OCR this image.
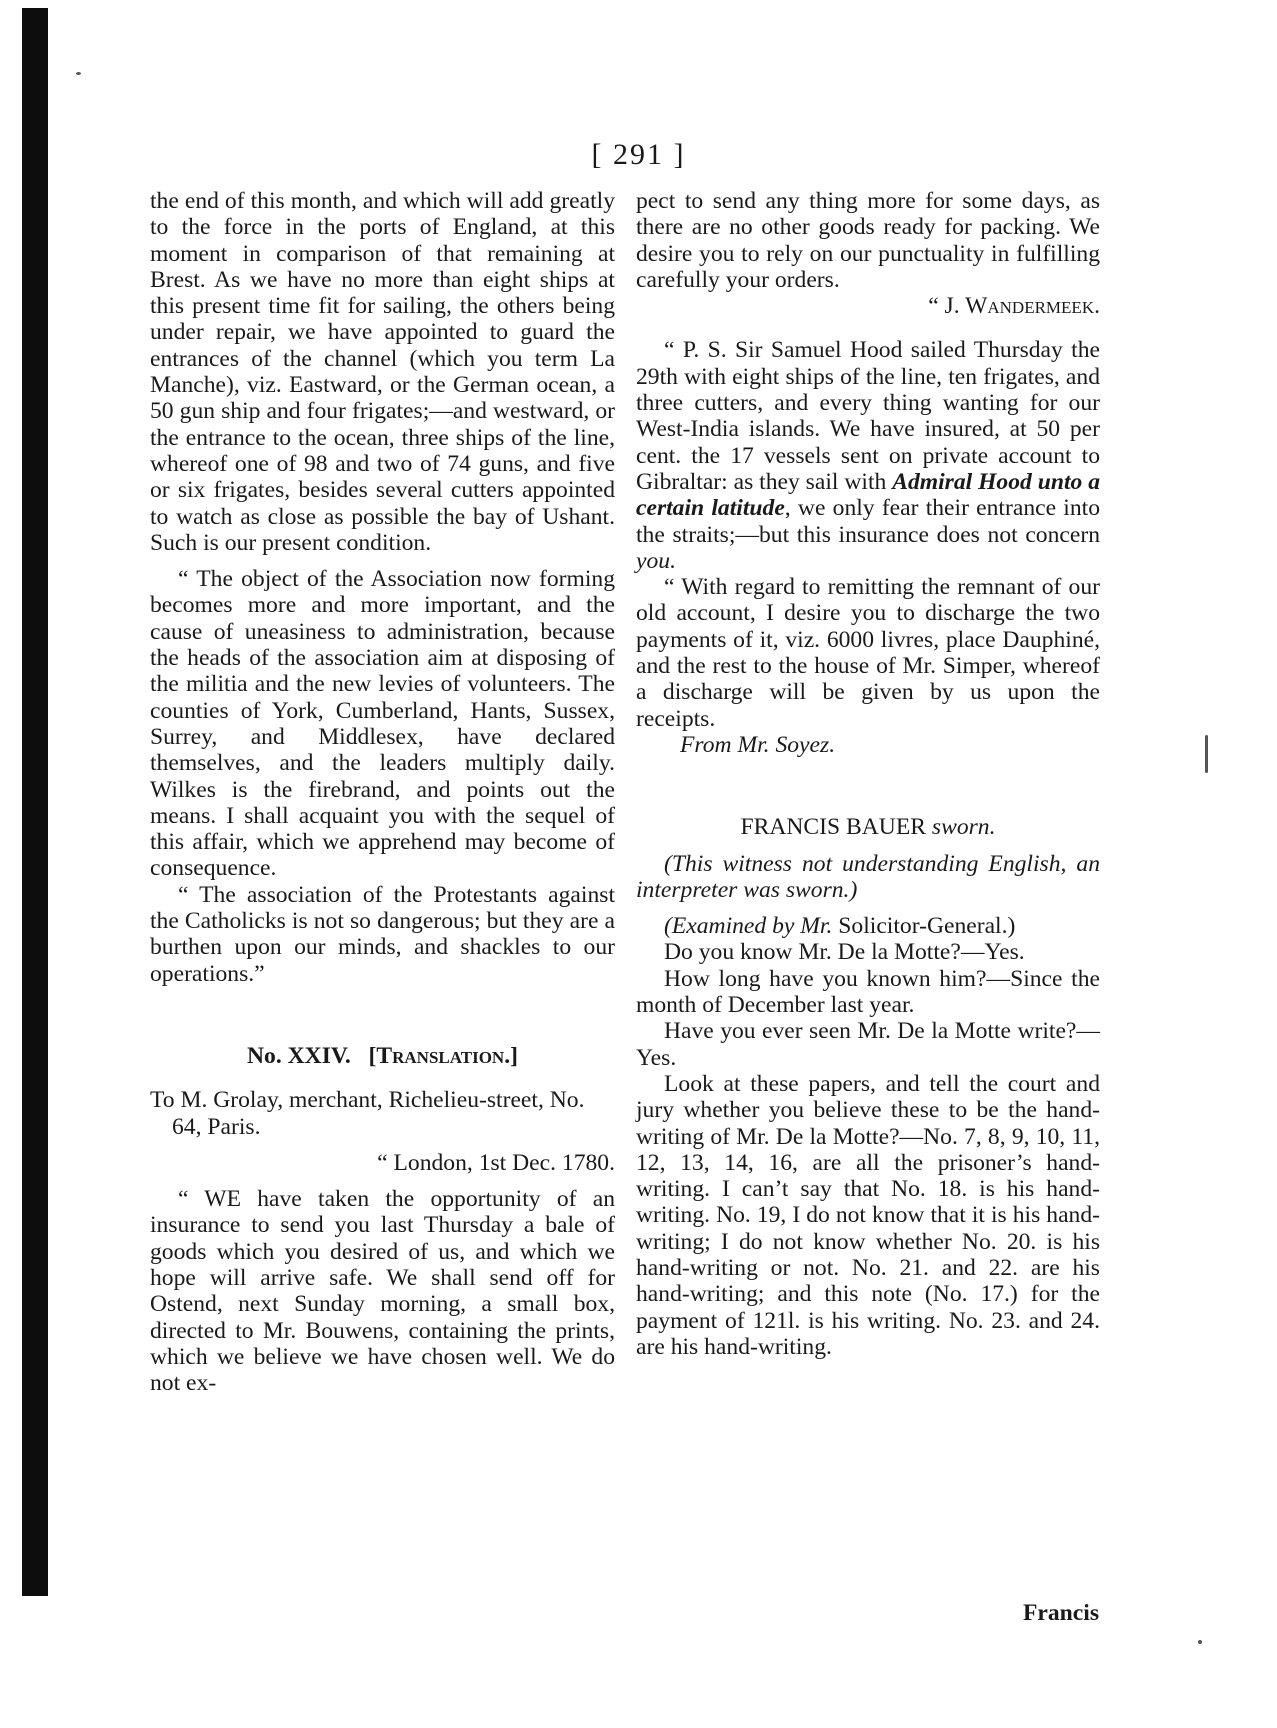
[ 291 ]

the end of this month, and which will add greatly to the force in the ports of England, at this moment in comparison of that remaining at Brest. As we have no more than eight ships at this present time fit for sailing, the others being under repair, we have appointed to guard the entrances of the channel (which you term La Manche), viz. Eastward, or the German ocean, a 50 gun ship and four frigates;—and westward, or the entrance to the ocean, three ships of the line, whereof one of 98 and two of 74 guns, and five or six frigates, besides several cutters appointed to watch as close as possible the bay of Ushant. Such is our present condition.

“ The object of the Association now forming becomes more and more important, and the cause of uneasiness to administration, because the heads of the association aim at disposing of the militia and the new levies of volunteers. The counties of York, Cumberland, Hants, Sussex, Surrey, and Middlesex, have declared themselves, and the leaders multiply daily. Wilkes is the firebrand, and points out the means. I shall acquaint you with the sequel of this affair, which we apprehend may become of consequence.

“ The association of the Protestants against the Catholicks is not so dangerous; but they are a burthen upon our minds, and shackles to our operations.”

No. XXIV. [Translation.]

To M. Grolay, merchant, Richelieu-street, No. 64, Paris.

“ London, 1st Dec. 1780.

“ WE have taken the opportunity of an insurance to send you last Thursday a bale of goods which you desired of us, and which we hope will arrive safe. We shall send off for Ostend, next Sunday morning, a small box, directed to Mr. Bouwens, containing the prints, which we believe we have chosen well. We do not ex-

pect to send any thing more for some days, as there are no other goods ready for packing. We desire you to rely on our punctuality in fulfilling carefully your orders.

“ J. Wandermeek.

“ P. S. Sir Samuel Hood sailed Thursday the 29th with eight ships of the line, ten frigates, and three cutters, and every thing wanting for our West-India islands. We have insured, at 50 per cent. the 17 vessels sent on private account to Gibraltar: as they sail with Admiral Hood unto a certain latitude, we only fear their entrance into the straits;—but this insurance does not concern you.

“ With regard to remitting the remnant of our old account, I desire you to discharge the two payments of it, viz. 6000 livres, place Dauphiné, and the rest to the house of Mr. Simper, whereof a discharge will be given by us upon the receipts.

From Mr. Soyez.

FRANCIS BAUER sworn.

(This witness not understanding English, an interpreter was sworn.)

(Examined by Mr. Solicitor-General.)

Do you know Mr. De la Motte?—Yes.

How long have you known him?—Since the month of December last year.

Have you ever seen Mr. De la Motte write?—Yes.

Look at these papers, and tell the court and jury whether you believe these to be the hand-writing of Mr. De la Motte?—No. 7, 8, 9, 10, 11, 12, 13, 14, 16, are all the prisoner’s hand-writing. I can’t say that No. 18. is his hand-writing. No. 19, I do not know that it is his hand-writing; I do not know whether No. 20. is his hand-writing or not. No. 21. and 22. are his hand-writing; and this note (No. 17.) for the payment of 121l. is his writing. No. 23. and 24. are his hand-writing.

Francis
